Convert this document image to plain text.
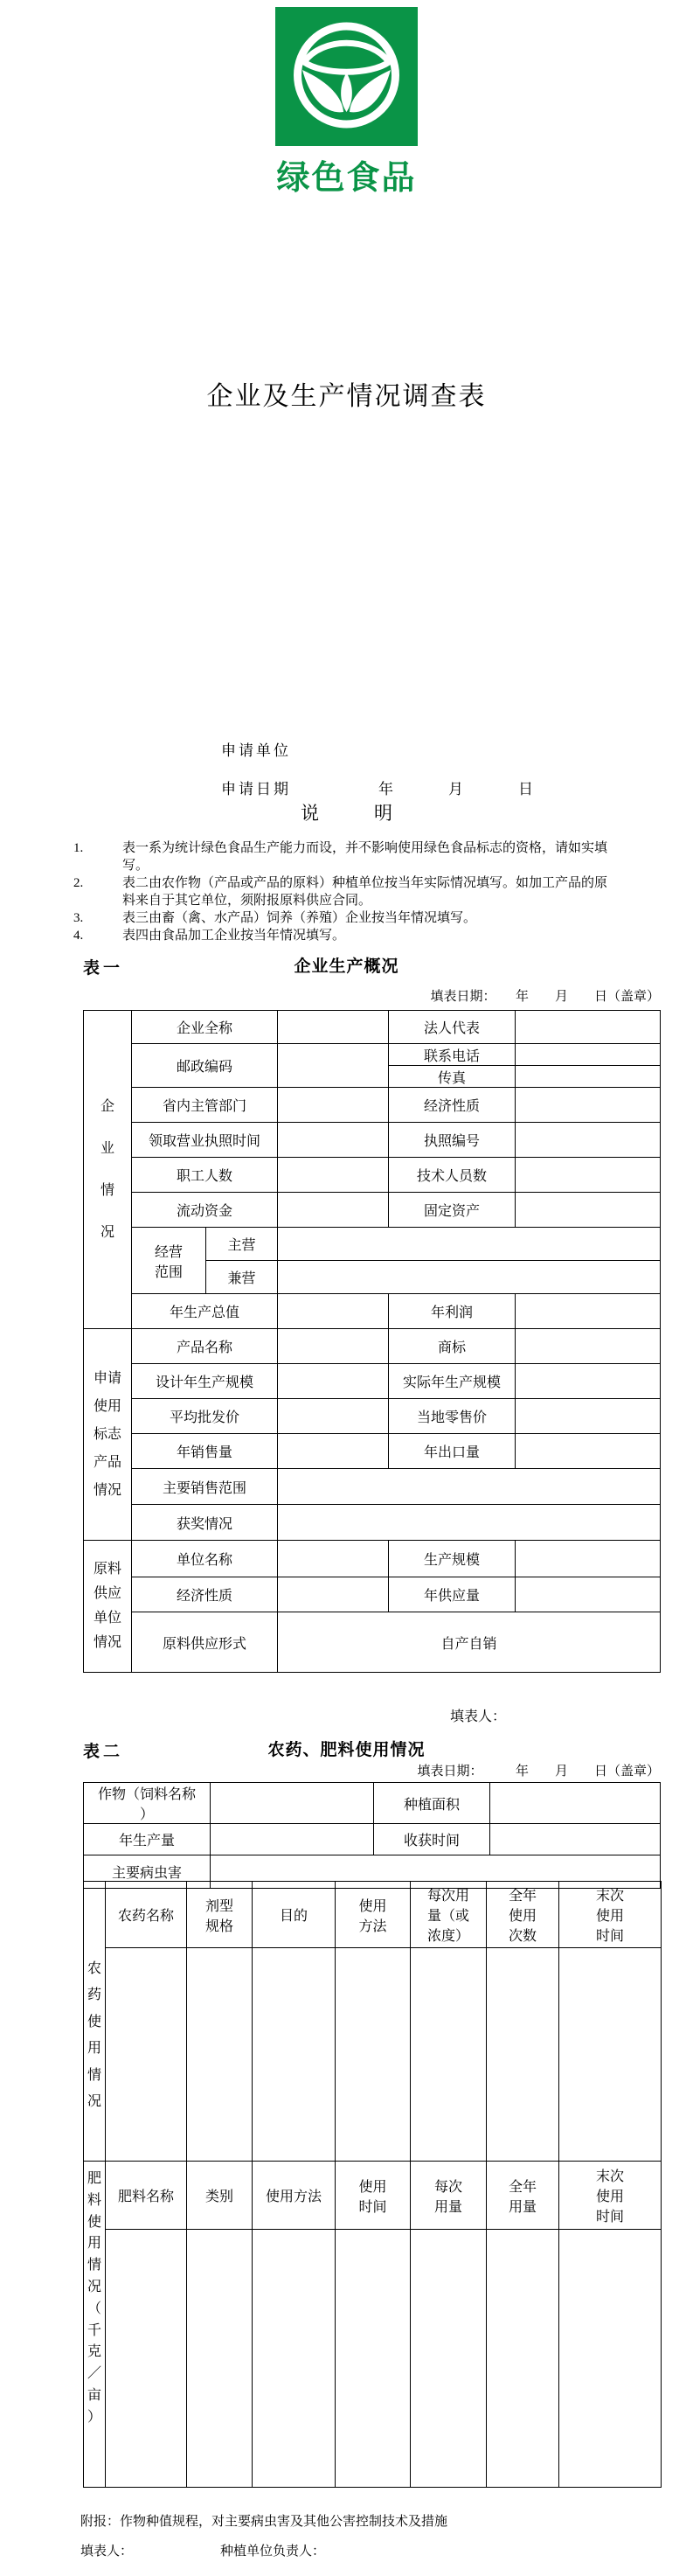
绿色食品
企业及生产情况调查表
申请单位
申请日期　　　　　年　　　月　　　日
说　　　明
1.	表一系为统计绿色食品生产能力而设，并不影响使用绿色食品标志的资格，请如实填写。
2.	表二由农作物（产品或产品的原料）种植单位按当年实际情况填写。如加工产品的原料来自于其它单位，须附报原料供应合同。
3.	表三由畜（禽、水产品）饲养（养殖）企业按当年情况填写。
4.	表四由食品加工企业按当年情况填写。
表一	企业生产概况
填表日期：　　年　　月　　日（盖章）
企业情况	企业全称			法人代表	
	邮政编码			联系电话	
				传真	
	省内主管部门			经济性质	
	领取营业执照时间			执照编号	
	职工人数			技术人员数	
	流动资金			固定资产	
	经营范围	主营			
		兼营			
	年生产总值			年利润	
申请使用标志产品情况	产品名称			商标	
	设计年生产规模			实际年生产规模	
	平均批发价			当地零售价	
	年销售量			年出口量	
	主要销售范围				
	获奖情况				
原料供应单位情况	单位名称			生产规模	
	经济性质			年供应量	
	原料供应形式		自产自销		
填表人：
表二	农药、肥料使用情况
填表日期：　　　年　　月　　日（盖章）
作物（饲料名称）		种植面积	
年生产量		收获时间	
主要病虫害			
农药使用情况	农药名称	剂型规格	目的	使用方法	每次用量（或浓度）	全年使用次数	末次使用时间

肥料使用情况（千克／亩）	肥料名称	类别	使用方法	使用时间	每次用量	全年用量	末次使用时间

附报：作物种值规程，对主要病虫害及其他公害控制技术及措施
填表人：	种植单位负责人：
